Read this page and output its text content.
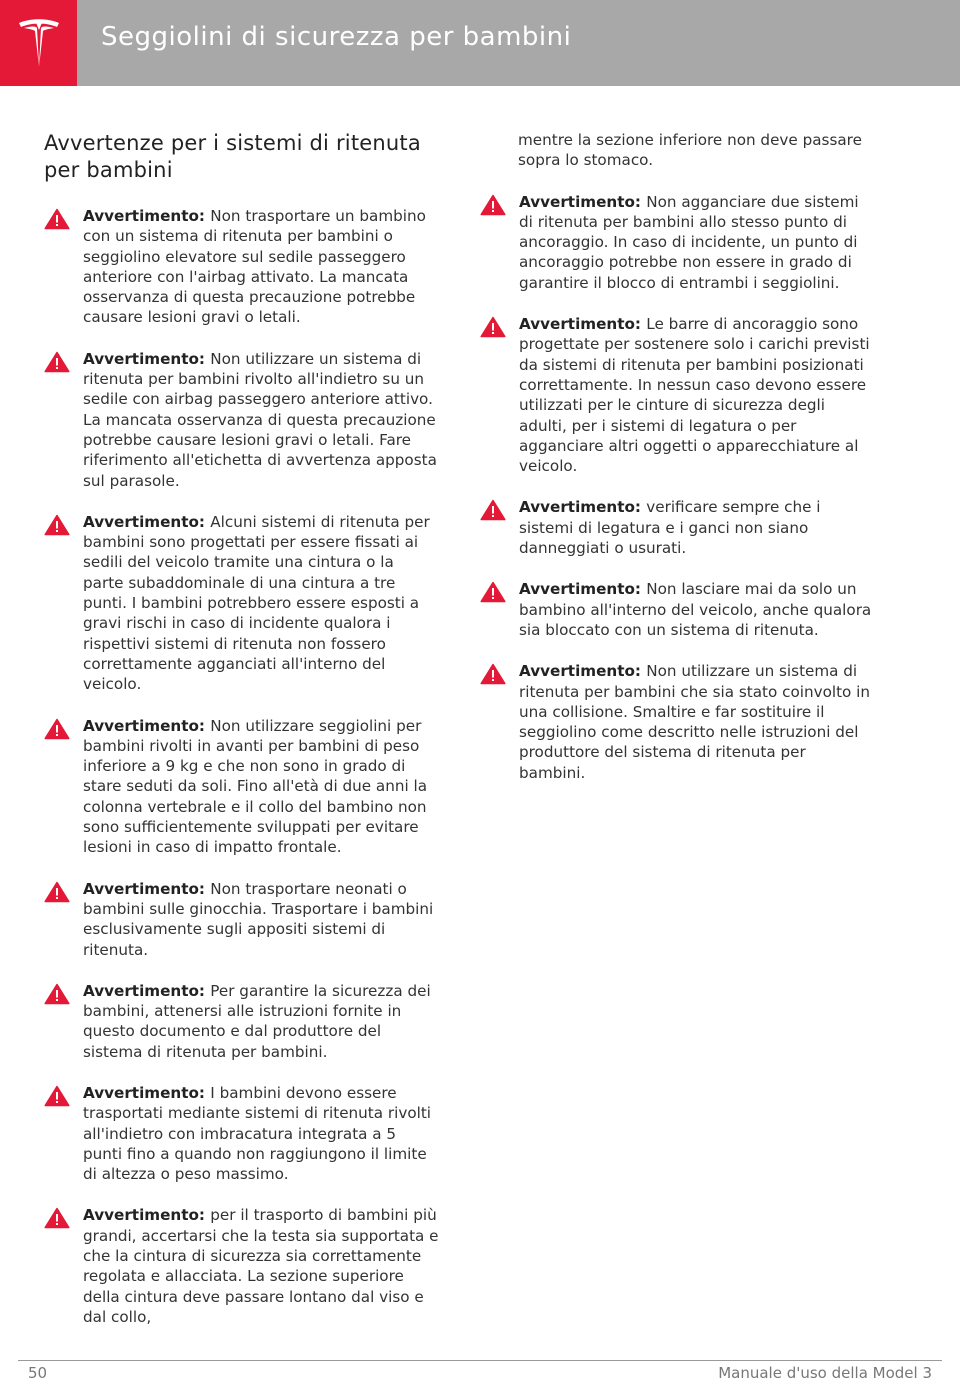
Seggiolini di sicurezza per bambini
Avvertenze per i sistemi di ritenuta per bambini
Avvertimento: Non trasportare un bambino con un sistema di ritenuta per bambini o seggiolino elevatore sul sedile passeggero anteriore con l'airbag attivato. La mancata osservanza di questa precauzione potrebbe causare lesioni gravi o letali.
Avvertimento: Non utilizzare un sistema di ritenuta per bambini rivolto all'indietro su un sedile con airbag passeggero anteriore attivo. La mancata osservanza di questa precauzione potrebbe causare lesioni gravi o letali. Fare riferimento all'etichetta di avvertenza apposta sul parasole.
Avvertimento: Alcuni sistemi di ritenuta per bambini sono progettati per essere fissati ai sedili del veicolo tramite una cintura o la parte subaddominale di una cintura a tre punti. I bambini potrebbero essere esposti a gravi rischi in caso di incidente qualora i rispettivi sistemi di ritenuta non fossero correttamente agganciati all'interno del veicolo.
Avvertimento: Non utilizzare seggiolini per bambini rivolti in avanti per bambini di peso inferiore a 9 kg e che non sono in grado di stare seduti da soli. Fino all'età di due anni la colonna vertebrale e il collo del bambino non sono sufficientemente sviluppati per evitare lesioni in caso di impatto frontale.
Avvertimento: Non trasportare neonati o bambini sulle ginocchia. Trasportare i bambini esclusivamente sugli appositi sistemi di ritenuta.
Avvertimento: Per garantire la sicurezza dei bambini, attenersi alle istruzioni fornite in questo documento e dal produttore del sistema di ritenuta per bambini.
Avvertimento: I bambini devono essere trasportati mediante sistemi di ritenuta rivolti all'indietro con imbracatura integrata a 5 punti fino a quando non raggiungono il limite di altezza o peso massimo.
Avvertimento: per il trasporto di bambini più grandi, accertarsi che la testa sia supportata e che la cintura di sicurezza sia correttamente regolata e allacciata. La sezione superiore della cintura deve passare lontano dal viso e dal collo,

mentre la sezione inferiore non deve passare sopra lo stomaco.

Avvertimento: Non agganciare due sistemi di ritenuta per bambini allo stesso punto di ancoraggio. In caso di incidente, un punto di ancoraggio potrebbe non essere in grado di garantire il blocco di entrambi i seggiolini.
Avvertimento: Le barre di ancoraggio sono progettate per sostenere solo i carichi previsti da sistemi di ritenuta per bambini posizionati correttamente. In nessun caso devono essere utilizzati per le cinture di sicurezza degli adulti, per i sistemi di legatura o per agganciare altri oggetti o apparecchiature al veicolo.
Avvertimento: verificare sempre che i sistemi di legatura e i ganci non siano danneggiati o usurati.
Avvertimento: Non lasciare mai da solo un bambino all'interno del veicolo, anche qualora sia bloccato con un sistema di ritenuta.
Avvertimento: Non utilizzare un sistema di ritenuta per bambini che sia stato coinvolto in una collisione. Smaltire e far sostituire il seggiolino come descritto nelle istruzioni del produttore del sistema di ritenuta per bambini.
50	Manuale d'uso della Model 3
